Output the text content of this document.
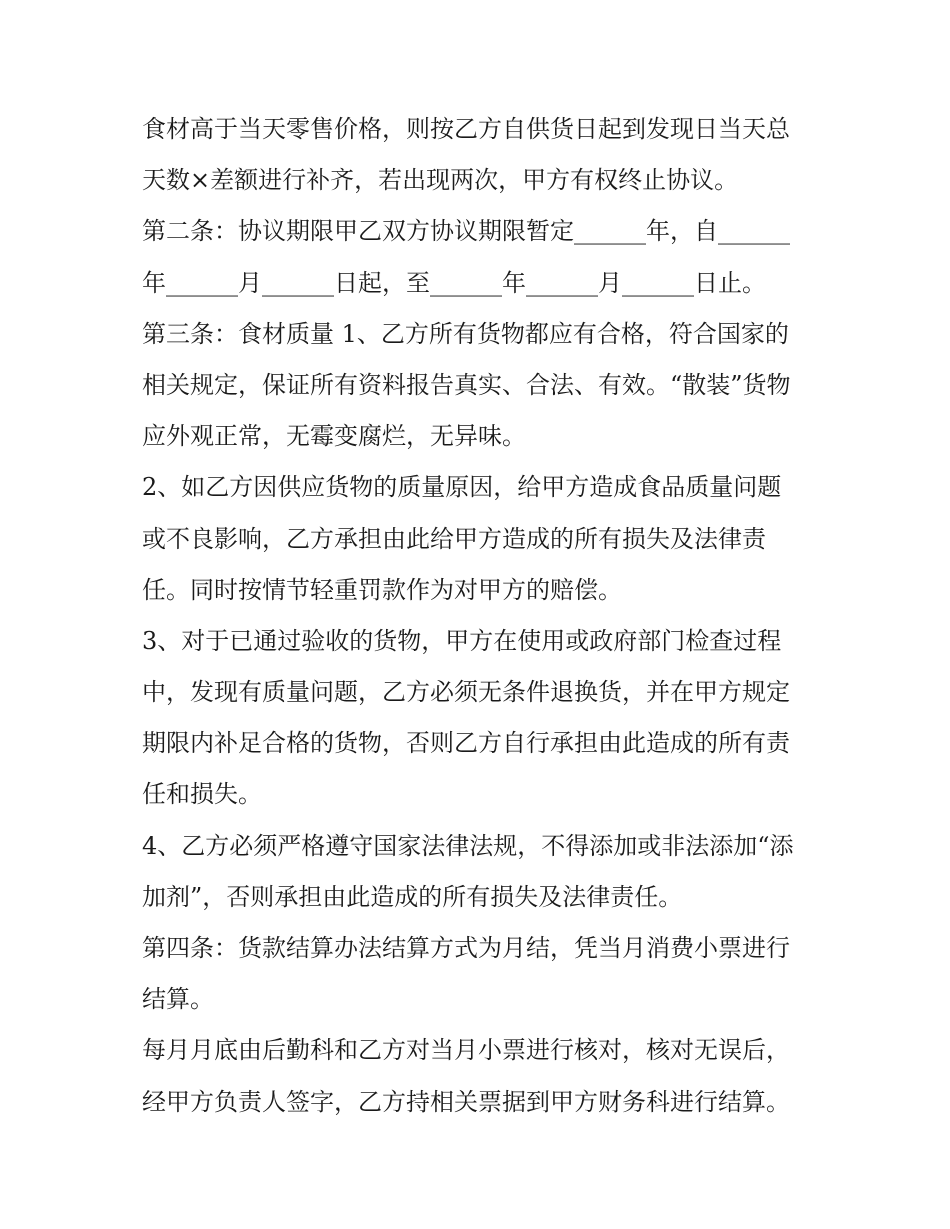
食材高于当天零售价格，则按乙方自供货日起到发现日当天总

天数×差额进行补齐，若出现两次，甲方有权终止协议。

第二条：协议期限甲乙双方协议期限暂定______年，自______

年______月______日起，至______年______月______日止。

第三条：食材质量 1、乙方所有货物都应有合格，符合国家的

相关规定，保证所有资料报告真实、合法、有效。“散装”货物

应外观正常，无霉变腐烂，无异味。

2、如乙方因供应货物的质量原因，给甲方造成食品质量问题

或不良影响，乙方承担由此给甲方造成的所有损失及法律责

任。同时按情节轻重罚款作为对甲方的赔偿。

3、对于已通过验收的货物，甲方在使用或政府部门检查过程

中，发现有质量问题，乙方必须无条件退换货，并在甲方规定

期限内补足合格的货物，否则乙方自行承担由此造成的所有责

任和损失。

4、乙方必须严格遵守国家法律法规，不得添加或非法添加“添

加剂”，否则承担由此造成的所有损失及法律责任。

第四条：货款结算办法结算方式为月结，凭当月消费小票进行

结算。

每月月底由后勤科和乙方对当月小票进行核对，核对无误后，

经甲方负责人签字，乙方持相关票据到甲方财务科进行结算。
